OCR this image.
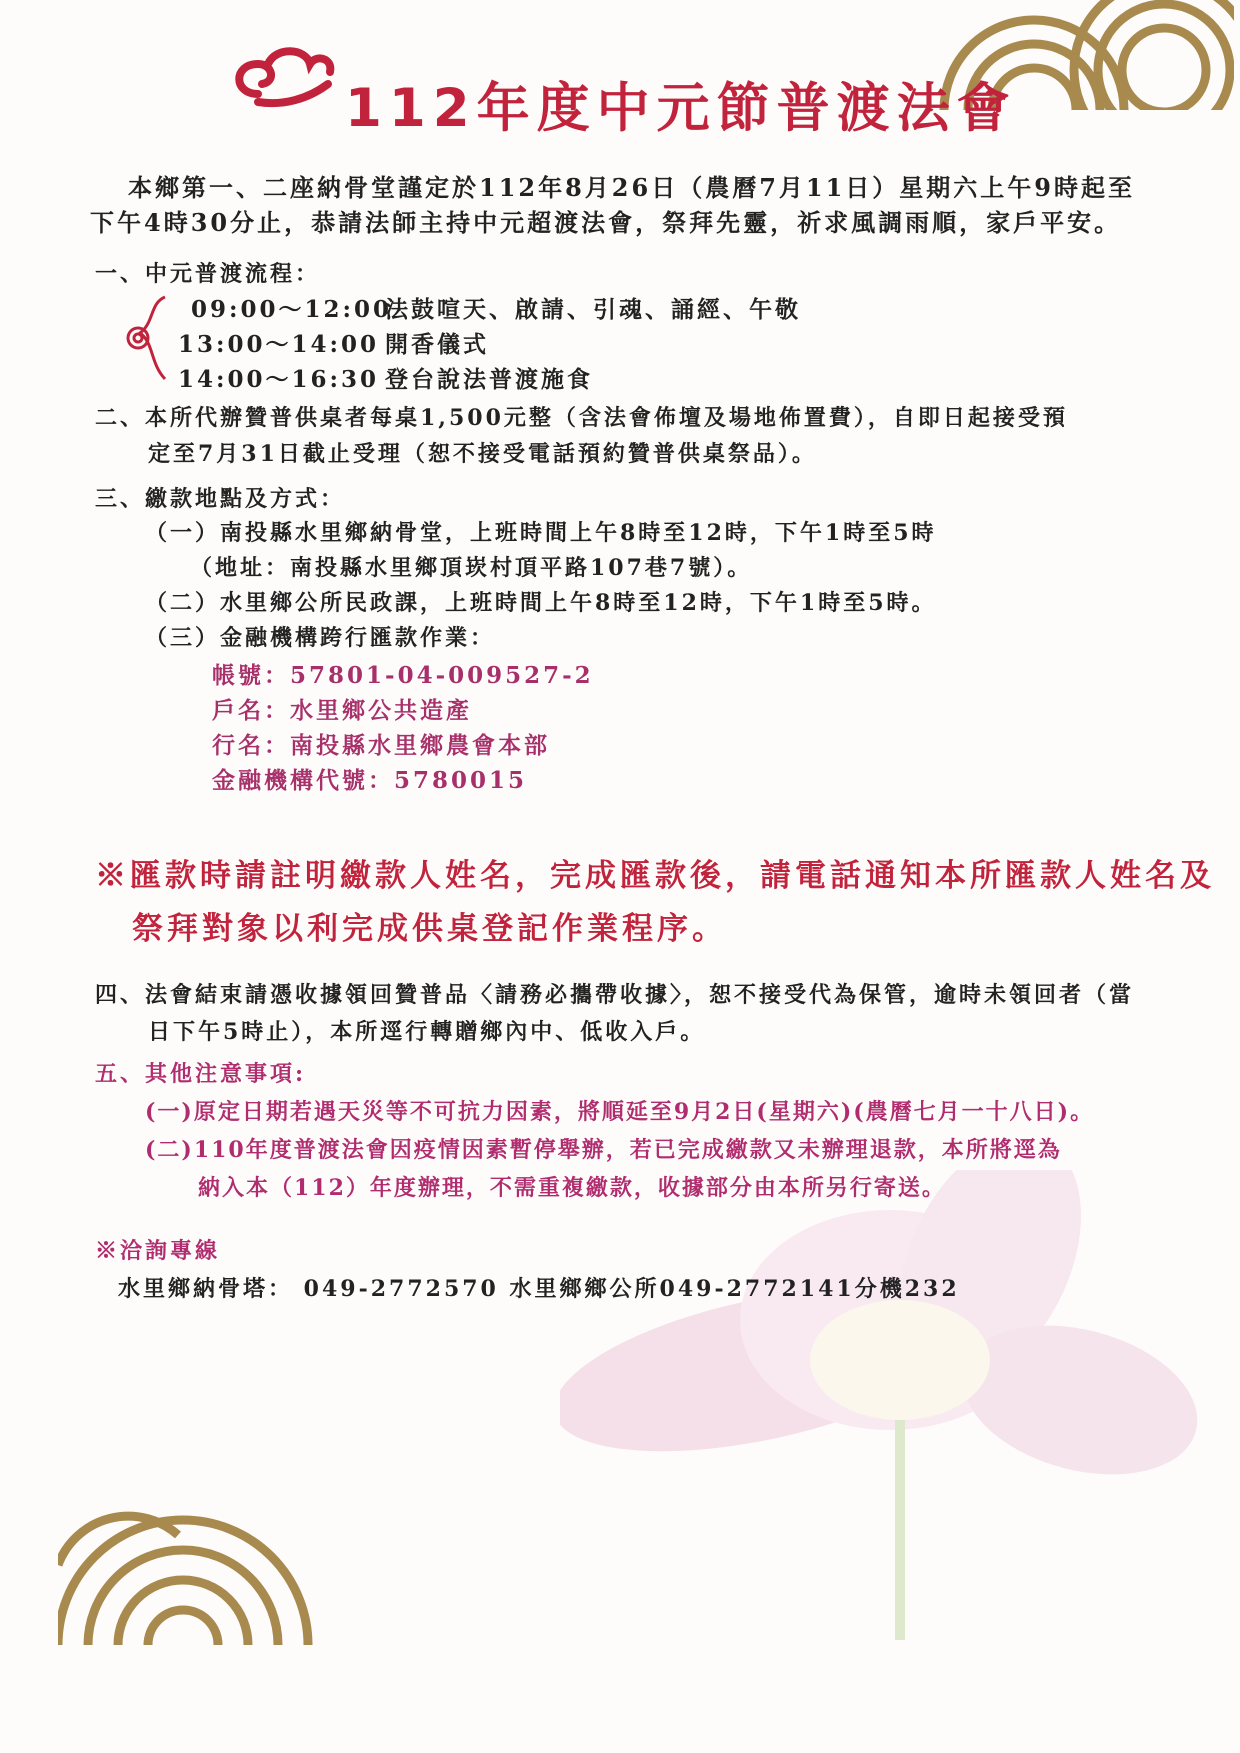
112年度中元節普渡法會
本鄉第一、二座納骨堂謹定於112年8月26日（農曆7月11日）星期六上午9時起至
下午4時30分止，恭請法師主持中元超渡法會，祭拜先靈，祈求風調雨順，家戶平安。
一、中元普渡流程：
09:00～12:00
法鼓喧天、啟請、引魂、誦經、午敬
13:00～14:00 開香儀式
14:00～16:30 登台說法普渡施食
二、本所代辦贊普供桌者每桌1,500元整（含法會佈壇及場地佈置費），自即日起接受預
定至7月31日截止受理（恕不接受電話預約贊普供桌祭品）。
三、繳款地點及方式：
（一）南投縣水里鄉納骨堂，上班時間上午8時至12時，下午1時至5時
（地址：南投縣水里鄉頂崁村頂平路107巷7號）。
（二）水里鄉公所民政課，上班時間上午8時至12時，下午1時至5時。
（三）金融機構跨行匯款作業：
帳號：57801-04-009527-2
戶名：水里鄉公共造產
行名：南投縣水里鄉農會本部
金融機構代號：5780015
※匯款時請註明繳款人姓名，完成匯款後，請電話通知本所匯款人姓名及
祭拜對象以利完成供桌登記作業程序。
四、法會結束請憑收據領回贊普品〈請務必攜帶收據〉，恕不接受代為保管，逾時未領回者（當
日下午5時止），本所逕行轉贈鄉內中、低收入戶。
五、其他注意事項:
(一)原定日期若遇天災等不可抗力因素，將順延至9月2日(星期六)(農曆七月一十八日)。
(二)110年度普渡法會因疫情因素暫停舉辦，若已完成繳款又未辦理退款，本所將逕為
納入本（112）年度辦理，不需重複繳款，收據部分由本所另行寄送。
※洽詢專線
水里鄉納骨塔： 049-2772570 水里鄉鄉公所049-2772141分機232
